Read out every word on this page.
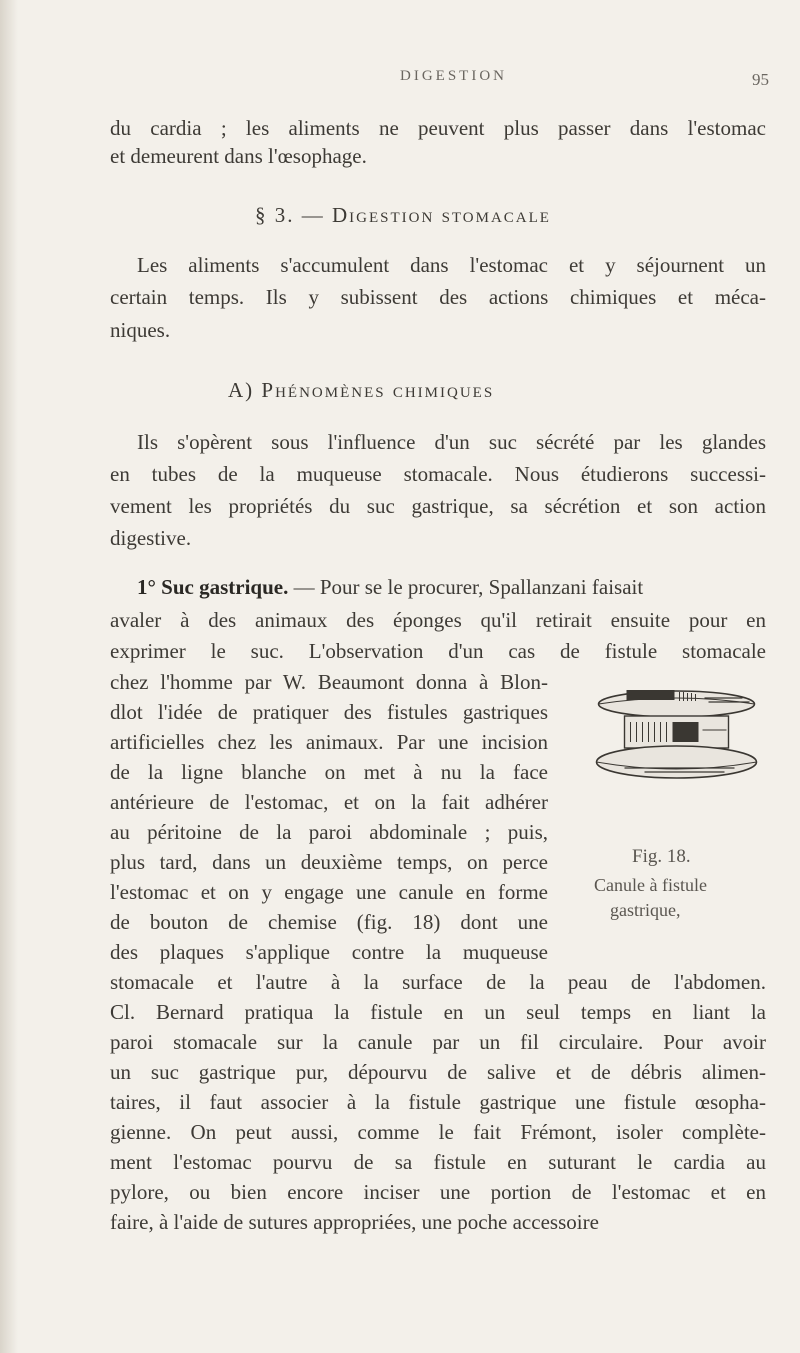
DIGESTION	95
du cardia ; les aliments ne peuvent plus passer dans l'estomac
et demeurent dans l'œsophage.
§ 3. — Digestion stomacale
Les aliments s'accumulent dans l'estomac et y séjournent un
certain temps. Ils y subissent des actions chimiques et méca-
niques.
A) Phénomènes chimiques
Ils s'opèrent sous l'influence d'un suc sécrété par les glandes
en tubes de la muqueuse stomacale. Nous étudierons successi-
vement les propriétés du suc gastrique, sa sécrétion et son action
digestive.
1° Suc gastrique. — Pour se le procurer, Spallanzani faisait
avaler à des animaux des éponges qu'il retirait ensuite pour en
exprimer le suc. L'observation d'un cas de fistule stomacale
chez l'homme par W. Beaumont donna à Blon-
dlot l'idée de pratiquer des fistules gastriques
artificielles chez les animaux. Par une incision
de la ligne blanche on met à nu la face
antérieure de l'estomac, et on la fait adhérer
au péritoine de la paroi abdominale ; puis,
plus tard, dans un deuxième temps, on perce
l'estomac et on y engage une canule en forme
de bouton de chemise (fig. 18) dont une
des plaques s'applique contre la muqueuse
stomacale et l'autre à la surface de la peau de l'abdomen.
Cl. Bernard pratiqua la fistule en un seul temps en liant la
paroi stomacale sur la canule par un fil circulaire. Pour avoir
un suc gastrique pur, dépourvu de salive et de débris alimen-
taires, il faut associer à la fistule gastrique une fistule œsopha-
gienne. On peut aussi, comme le fait Frémont, isoler complète-
ment l'estomac pourvu de sa fistule en suturant le cardia au
pylore, ou bien encore inciser une portion de l'estomac et en
faire, à l'aide de sutures appropriées, une poche accessoire
Fig. 18.
Canule à fistule
gastrique,
